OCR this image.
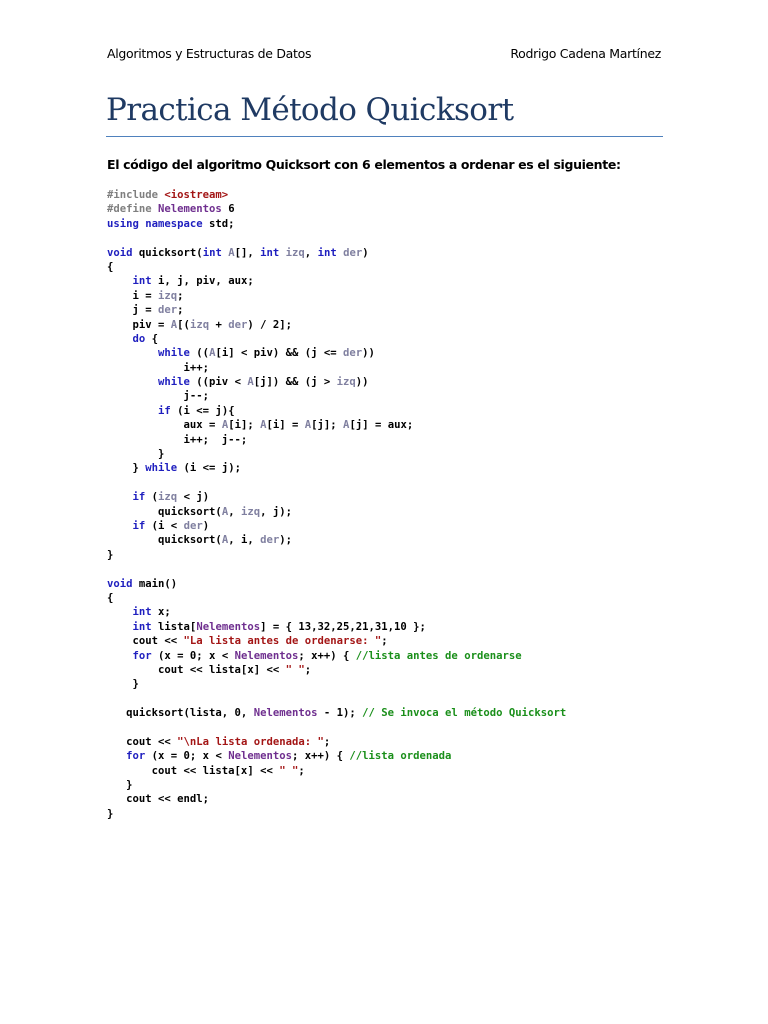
Algoritmos y Estructuras de Datos	Rodrigo Cadena Martínez
Practica Método Quicksort
El código del algoritmo Quicksort con 6 elementos a ordenar es el siguiente:
#include <iostream>
#define Nelementos 6
using namespace std;
void quicksort(int A[], int izq, int der)
{
int i, j, piv, aux;
i = izq;
j = der;
piv = A[(izq + der) / 2];
do {
while ((A[i] < piv) && (j <= der))
i++;
while ((piv < A[j]) && (j > izq))
j--;
if (i <= j){
aux = A[i]; A[i] = A[j]; A[j] = aux;
i++;  j--;
}
} while (i <= j);
if (izq < j)
quicksort(A, izq, j);
if (i < der)
quicksort(A, i, der);
}
void main()
{
int x;
int lista[Nelementos] = { 13,32,25,21,31,10 };
cout << "La lista antes de ordenarse: ";
for (x = 0; x < Nelementos; x++) { //lista antes de ordenarse
cout << lista[x] << " ";
}
quicksort(lista, 0, Nelementos - 1); // Se invoca el método Quicksort
cout << "\nLa lista ordenada: ";
for (x = 0; x < Nelementos; x++) { //lista ordenada
cout << lista[x] << " ";
}
cout << endl;
}
